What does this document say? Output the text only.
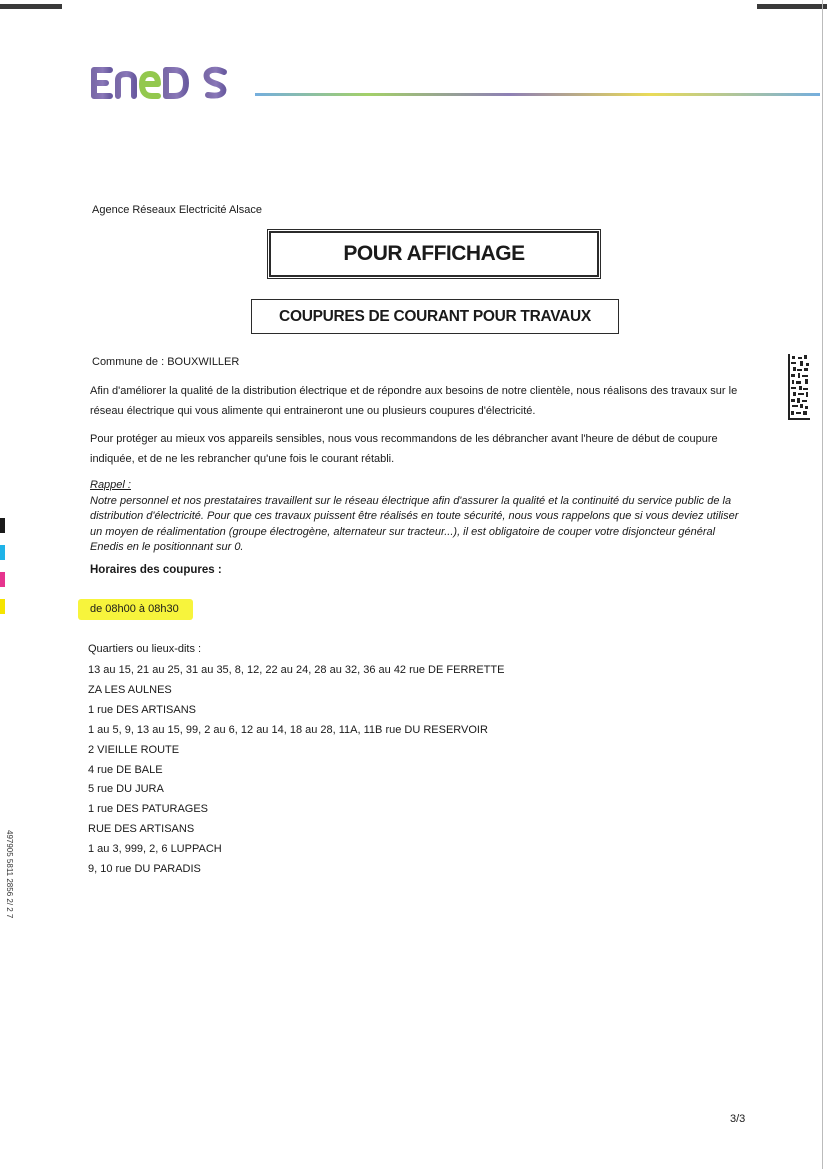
Agence Réseaux Electricité Alsace
POUR AFFICHAGE
COUPURES DE COURANT POUR TRAVAUX
Commune de : BOUXWILLER
Afin d'améliorer la qualité de la distribution électrique et de répondre aux besoins de notre clientèle, nous réalisons des travaux sur le réseau électrique qui vous alimente qui entraineront une ou plusieurs coupures d'électricité.
Pour protéger au mieux vos appareils sensibles, nous vous recommandons de les débrancher avant l'heure de début de coupure indiquée, et de ne les rebrancher qu'une fois le courant rétabli.
Rappel :
Notre personnel et nos prestataires travaillent sur le réseau électrique afin d'assurer la qualité et la continuité du service public de la distribution d'électricité. Pour que ces travaux puissent être réalisés en toute sécurité, nous vous rappelons que si vous deviez utiliser un moyen de réalimentation (groupe électrogène, alternateur sur tracteur...), il est obligatoire de couper votre disjoncteur général Enedis en le positionnant sur 0.
Horaires des coupures :
de 08h00 à 08h30
Quartiers ou lieux-dits :
13 au 15, 21 au 25, 31 au 35, 8, 12, 22 au 24, 28 au 32, 36 au 42 rue DE FERRETTE
ZA LES AULNES
1 rue DES ARTISANS
1 au 5, 9, 13 au 15, 99, 2 au 6, 12 au 14, 18 au 28, 11A, 11B rue DU RESERVOIR
2 VIEILLE ROUTE
4 rue DE BALE
5 rue DU JURA
1 rue DES PATURAGES
RUE DES ARTISANS
1 au 3, 999, 2, 6 LUPPACH
9, 10 rue DU PARADIS
497905 5811 2856 2/ 2 7
3/3
